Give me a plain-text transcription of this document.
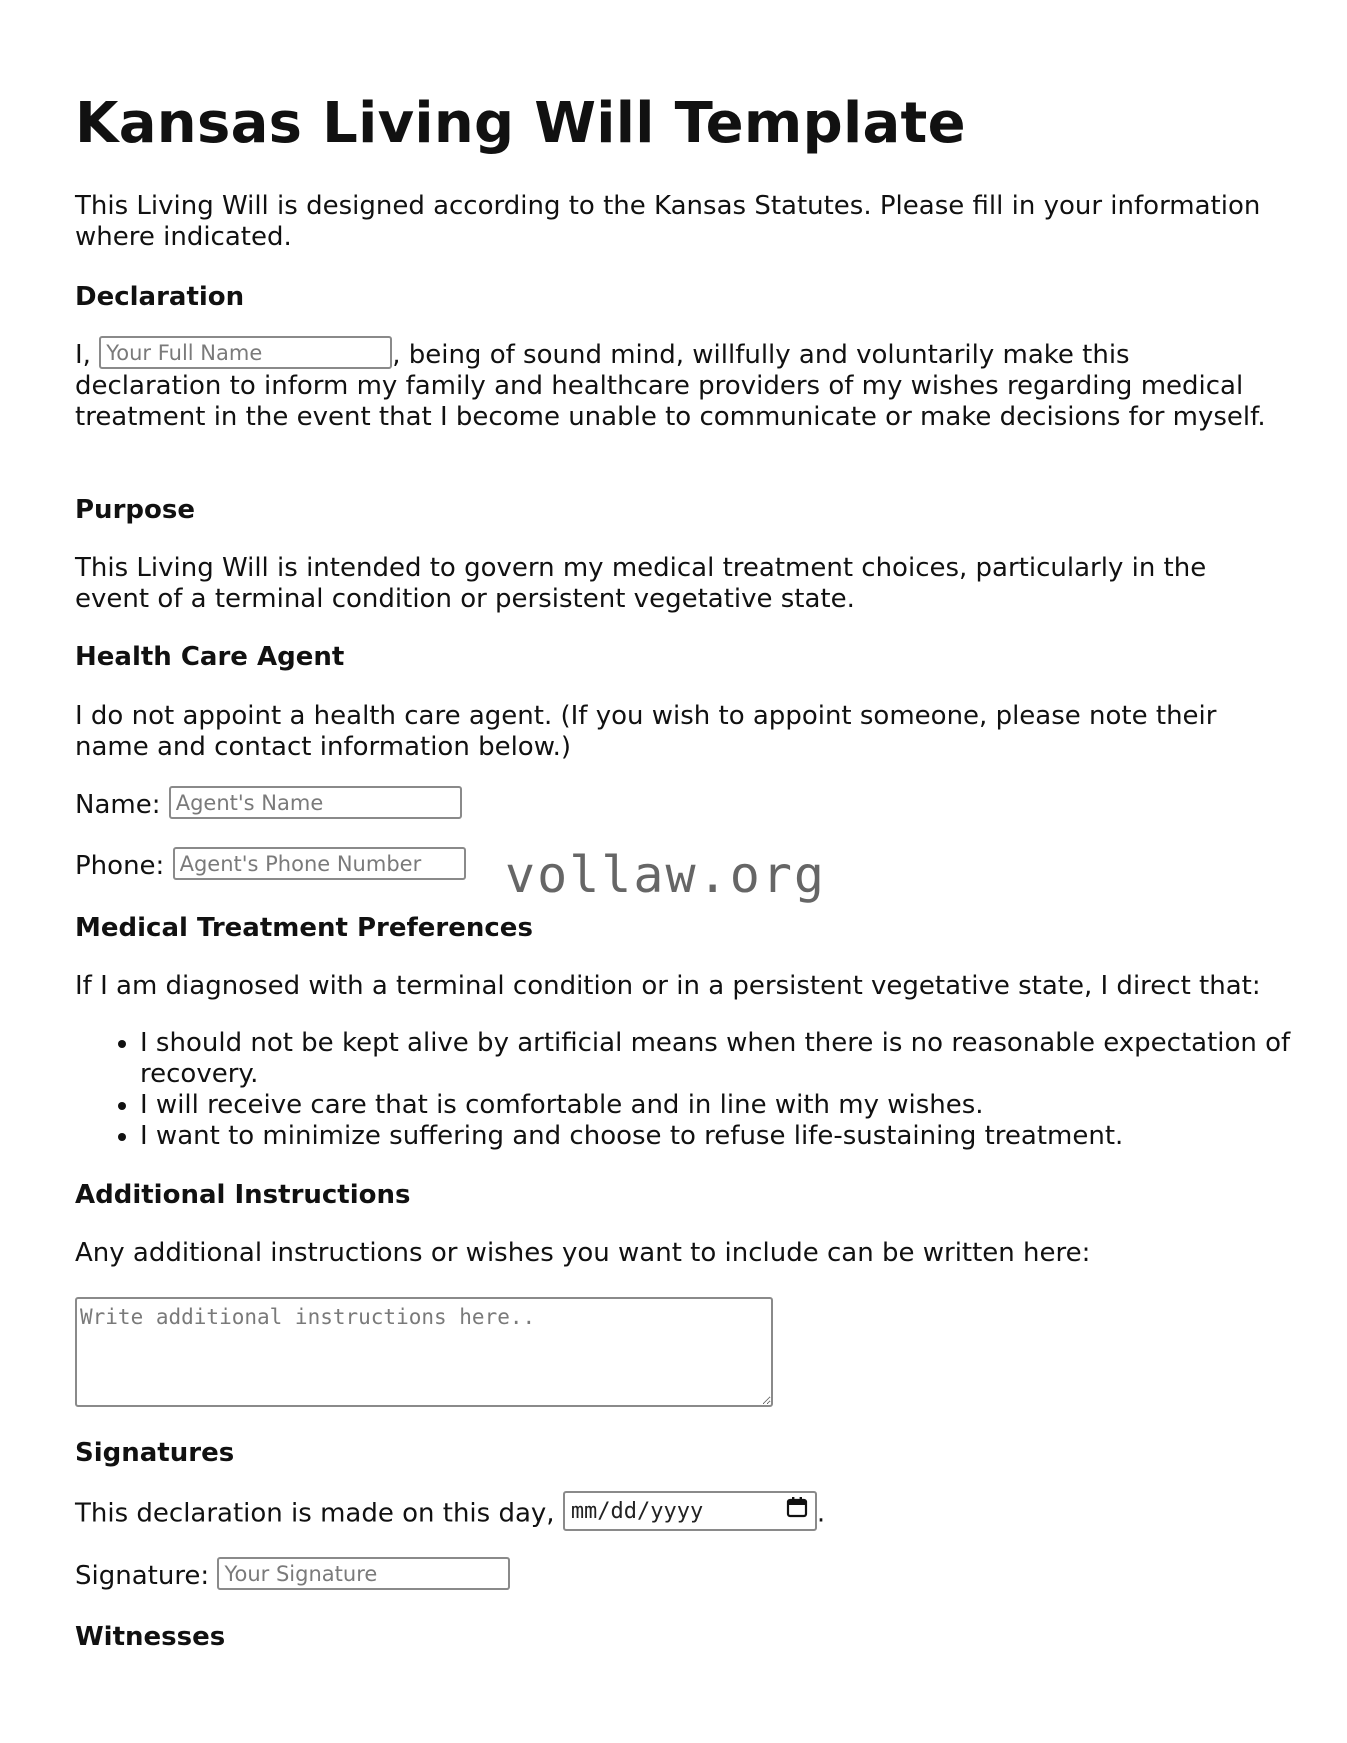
Kansas Living Will Template

This Living Will is designed according to the Kansas Statutes. Please fill in your information where indicated.

Declaration

I, Your Full Name	, being of sound mind, willfully and voluntarily make this declaration to inform my family and healthcare providers of my wishes regarding medical treatment in the event that I become unable to communicate or make decisions for myself.

Purpose

This Living Will is intended to govern my medical treatment choices, particularly in the event of a terminal condition or persistent vegetative state.

Health Care Agent

I do not appoint a health care agent. (If you wish to appoint someone, please note their name and contact information below.)

Name: Agent's Name

Phone: Agent's Phone Number

Medical Treatment Preferences

If I am diagnosed with a terminal condition or in a persistent vegetative state, I direct that:

• I should not be kept alive by artificial means when there is no reasonable expectation of recovery.
• I will receive care that is comfortable and in line with my wishes.
• I want to minimize suffering and choose to refuse life-sustaining treatment.

Additional Instructions

Any additional instructions or wishes you want to include can be written here:

Write additional instructions here..

Signatures

This declaration is made on this day, mm/dd/yyyy	.

Signature: Your Signature

Witnesses

vollaw.org
